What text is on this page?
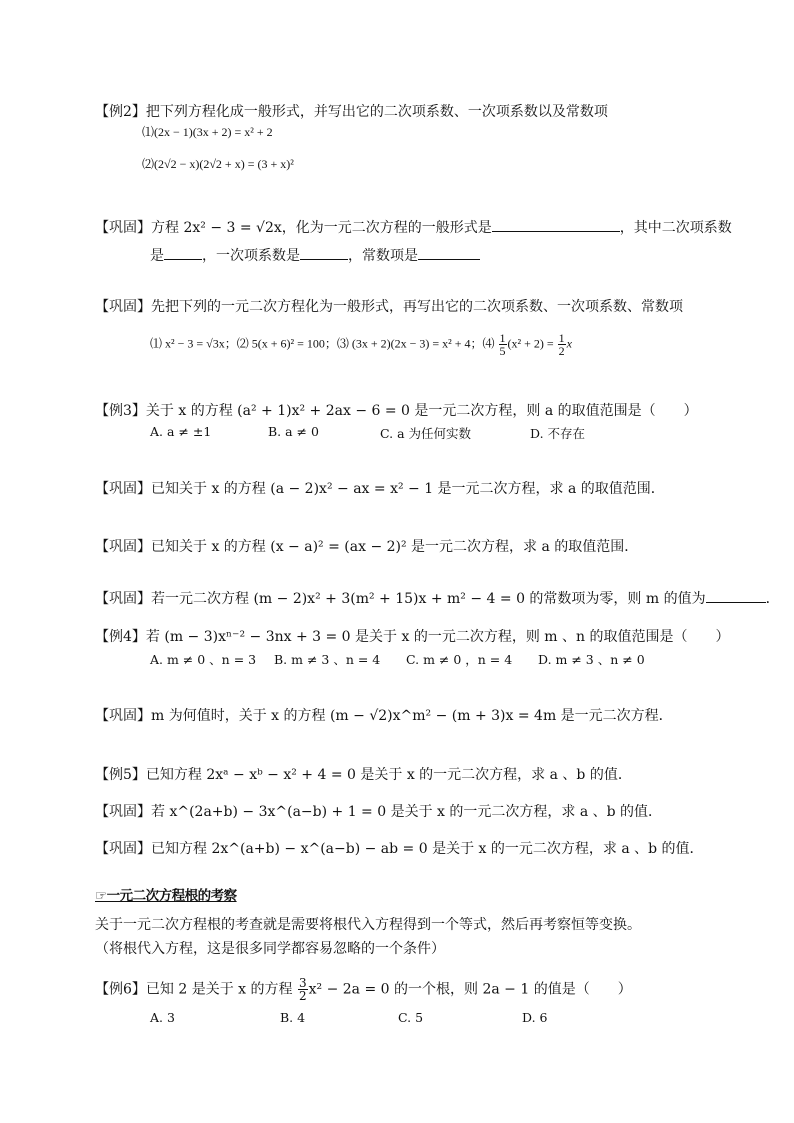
【例2】把下列方程化成一般形式，并写出它的二次项系数、一次项系数以及常数项
⑴(2x − 1)(3x + 2) = x² + 2
⑵(2√2 − x)(2√2 + x) = (3 + x)²
【巩固】方程 2x² − 3 = √2x，化为一元二次方程的一般形式是	，其中二次项系数
是	，一次项系数是	，常数项是
【巩固】先把下列的一元二次方程化为一般形式，再写出它的二次项系数、一次项系数、常数项
⑴ x² − 3 = √3x；⑵ 5(x + 6)² = 100；⑶ (3x + 2)(2x − 3) = x² + 4；⑷ $\frac{1}{5} (x^2 + 2) = \frac{1}{2}$ x
【例3】关于 x 的方程 (a² + 1)x² + 2ax − 6 = 0 是一元二次方程，则 a 的取值范围是（　　）
A. a ≠ ±1	B. a ≠ 0	C. a 为任何实数	D. 不存在
【巩固】已知关于 x 的方程 (a − 2)x² − ax = x² − 1 是一元二次方程，求 a 的取值范围．
【巩固】已知关于 x 的方程 (x − a)² = (ax − 2)² 是一元二次方程，求 a 的取值范围．
【巩固】若一元二次方程 (m − 2)x² + 3(m² + 15)x + m² − 4 = 0 的常数项为零，则 m 的值为	．
【例4】若 (m − 3)xⁿ⁻² − 3nx + 3 = 0 是关于 x 的一元二次方程，则 m 、n 的取值范围是（　　）
A. m ≠ 0 、n = 3 B. m ≠ 3 、n = 4 C. m ≠ 0 ，n = 4 D. m ≠ 3 、n ≠ 0
【巩固】m 为何值时，关于 x 的方程 (m − √2)x^m² − (m + 3)x = 4m 是一元二次方程．
【例5】已知方程 2xᵃ − xᵇ − x² + 4 = 0 是关于 x 的一元二次方程，求 a 、b 的值．
【巩固】若 x^(2a+b) − 3x^(a−b) + 1 = 0 是关于 x 的一元二次方程，求 a 、b 的值．
【巩固】已知方程 2x^(a+b) − x^(a−b) − ab = 0 是关于 x 的一元二次方程，求 a 、b 的值．
☞一元二次方程根的考察
关于一元二次方程根的考查就是需要将根代入方程得到一个等式，然后再考察恒等变换。
（将根代入方程，这是很多同学都容易忽略的一个条件）
【例6】已知 2 是关于 x 的方程 $\frac{3}{2} x^2 - 2a = 0$ 的一个根，则 2a − 1 的值是（　　）
A. 3	B. 4	C. 5	D. 6
